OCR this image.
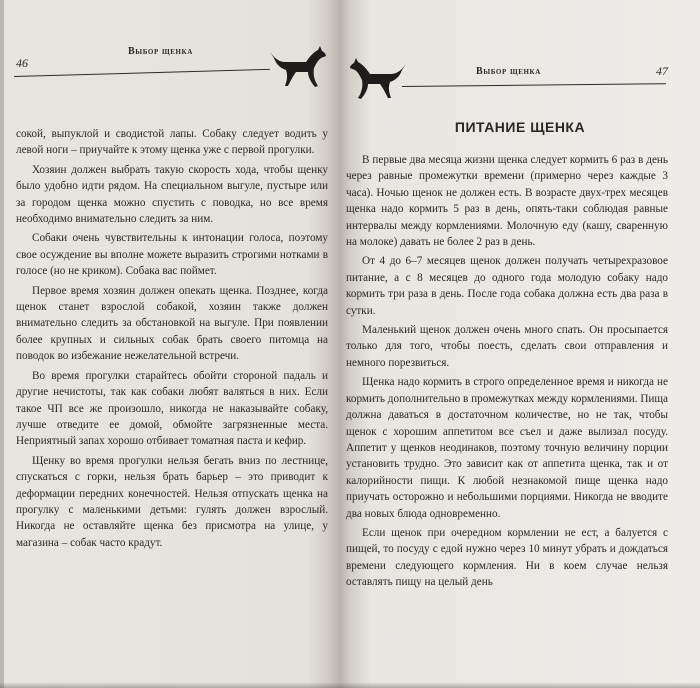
46
Выбор щенка

сокой, выпуклой и сводистой лапы. Собаку следует водить у левой ноги – приучайте к этому щенка уже с первой прогулки.

Хозяин должен выбрать такую скорость хода, чтобы щенку было удобно идти рядом. На специальном выгуле, пустыре или за городом щенка можно спустить с поводка, но все время необходимо внимательно следить за ним.

Собаки очень чувствительны к интонации голоса, поэтому свое осуждение вы вполне можете выразить строгими нотками в голосе (но не криком). Собака вас поймет.

Первое время хозяин должен опекать щенка. Позднее, когда щенок станет взрослой собакой, хозяин также должен внимательно следить за обстановкой на выгуле. При появлении более крупных и сильных собак брать своего питомца на поводок во избежание нежелательной встречи.

Во время прогулки старайтесь обойти стороной падаль и другие нечистоты, так как собаки любят валяться в них. Если такое ЧП все же произошло, никогда не наказывайте собаку, лучше отведите ее домой, обмойте загрязненные места. Неприятный запах хорошо отбивает томатная паста и кефир.

Щенку во время прогулки нельзя бегать вниз по лестнице, спускаться с горки, нельзя брать барьер – это приводит к деформации передних конечностей. Нельзя отпускать щенка на прогулку с маленькими детьми: гулять должен взрослый. Никогда не оставляйте щенка без присмотра на улице, у магазина – собак часто крадут.

Выбор щенка	47
ПИТАНИЕ ЩЕНКА

В первые два месяца жизни щенка следует кормить 6 раз в день через равные промежутки времени (примерно через каждые 3 часа). Ночью щенок не должен есть. В возрасте двух-трех месяцев щенка надо кормить 5 раз в день, опять-таки соблюдая равные интервалы между кормлениями. Молочную еду (кашу, сваренную на молоке) давать не более 2 раз в день.

От 4 до 6–7 месяцев щенок должен получать четырехразовое питание, а с 8 месяцев до одного года молодую собаку надо кормить три раза в день. После года собака должна есть два раза в сутки.

Маленький щенок должен очень много спать. Он просыпается только для того, чтобы поесть, сделать свои отправления и немного порезвиться.

Щенка надо кормить в строго определенное время и никогда не кормить дополнительно в промежутках между кормлениями. Пища должна даваться в достаточном количестве, но не так, чтобы щенок с хорошим аппетитом все съел и даже вылизал посуду. Аппетит у щенков неодинаков, поэтому точную величину порции установить трудно. Это зависит как от аппетита щенка, так и от калорийности пищи. К любой незнакомой пище щенка надо приучать осторожно и небольшими порциями. Никогда не вводите два новых блюда одновременно.

Если щенок при очередном кормлении не ест, а балуется с пищей, то посуду с едой нужно через 10 минут убрать и дождаться времени следующего кормления. Ни в коем случае нельзя оставлять пищу на целый день
